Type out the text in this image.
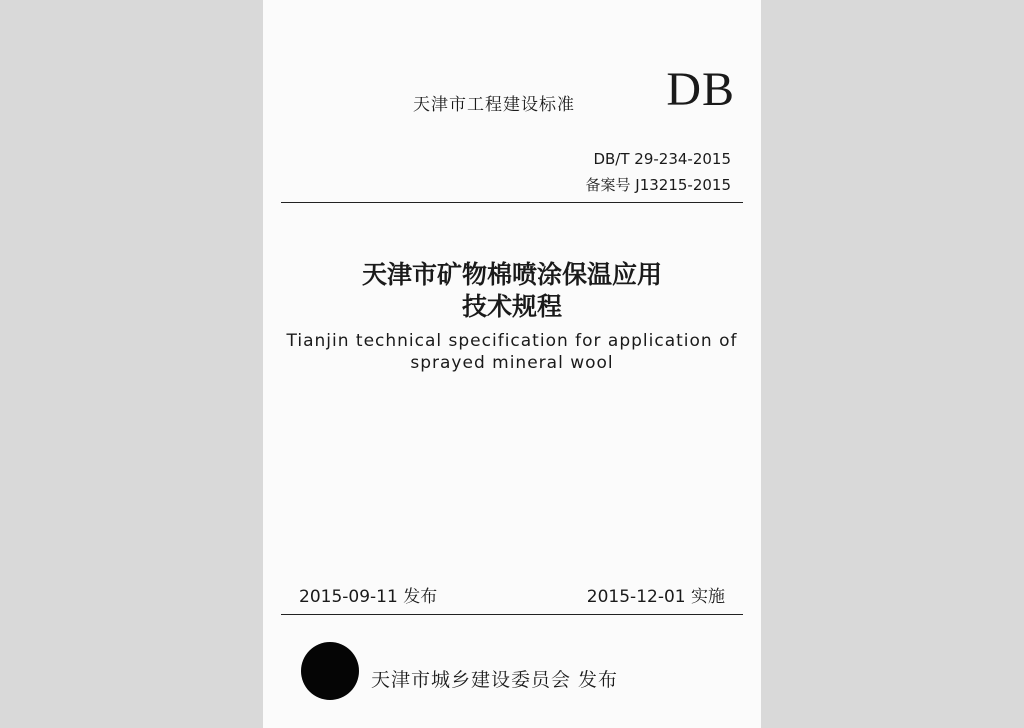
天津市工程建设标准 DB
DB/T 29-234-2015
备案号 J13215-2015
天津市矿物棉喷涂保温应用
技术规程
Tianjin technical specification for application of
sprayed mineral wool
2015-09-11 发布	2015-12-01 实施
天津市城乡建设委员会 发布
